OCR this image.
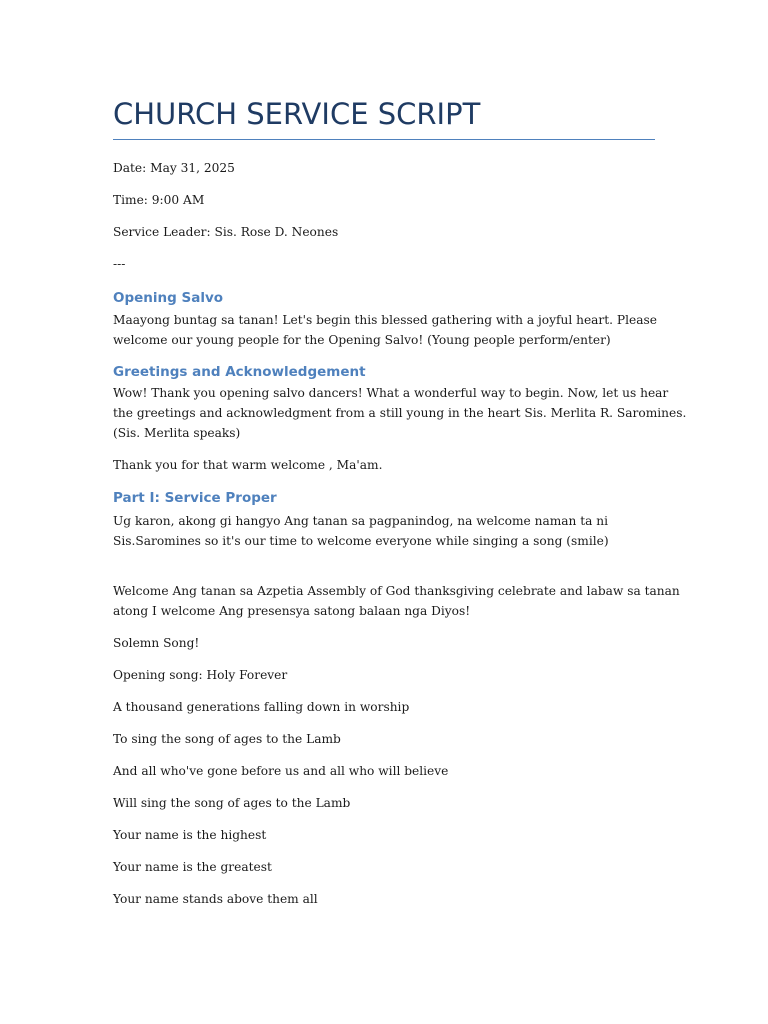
CHURCH SERVICE SCRIPT

Date: May 31, 2025

Time: 9:00 AM

Service Leader: Sis. Rose D. Neones

---

Opening Salvo

Maayong buntag sa tanan! Let's begin this blessed gathering with a joyful heart. Please

welcome our young people for the Opening Salvo! (Young people perform/enter)

Greetings and Acknowledgement

Wow! Thank you opening salvo dancers! What a wonderful way to begin. Now, let us hear

the greetings and acknowledgment from a still young in the heart Sis. Merlita R. Saromines.

(Sis. Merlita speaks)

Thank you for that warm welcome , Ma'am.

Part I: Service Proper

Ug karon, akong gi hangyo Ang tanan sa pagpanindog, na welcome naman ta ni

Sis.Saromines so it's our time to welcome everyone while singing a song (smile)

Welcome Ang tanan sa Azpetia Assembly of God thanksgiving celebrate and labaw sa tanan

atong I welcome Ang presensya satong balaan nga Diyos!

Solemn Song!

Opening song: Holy Forever

A thousand generations falling down in worship

To sing the song of ages to the Lamb

And all who've gone before us and all who will believe

Will sing the song of ages to the Lamb

Your name is the highest

Your name is the greatest

Your name stands above them all
